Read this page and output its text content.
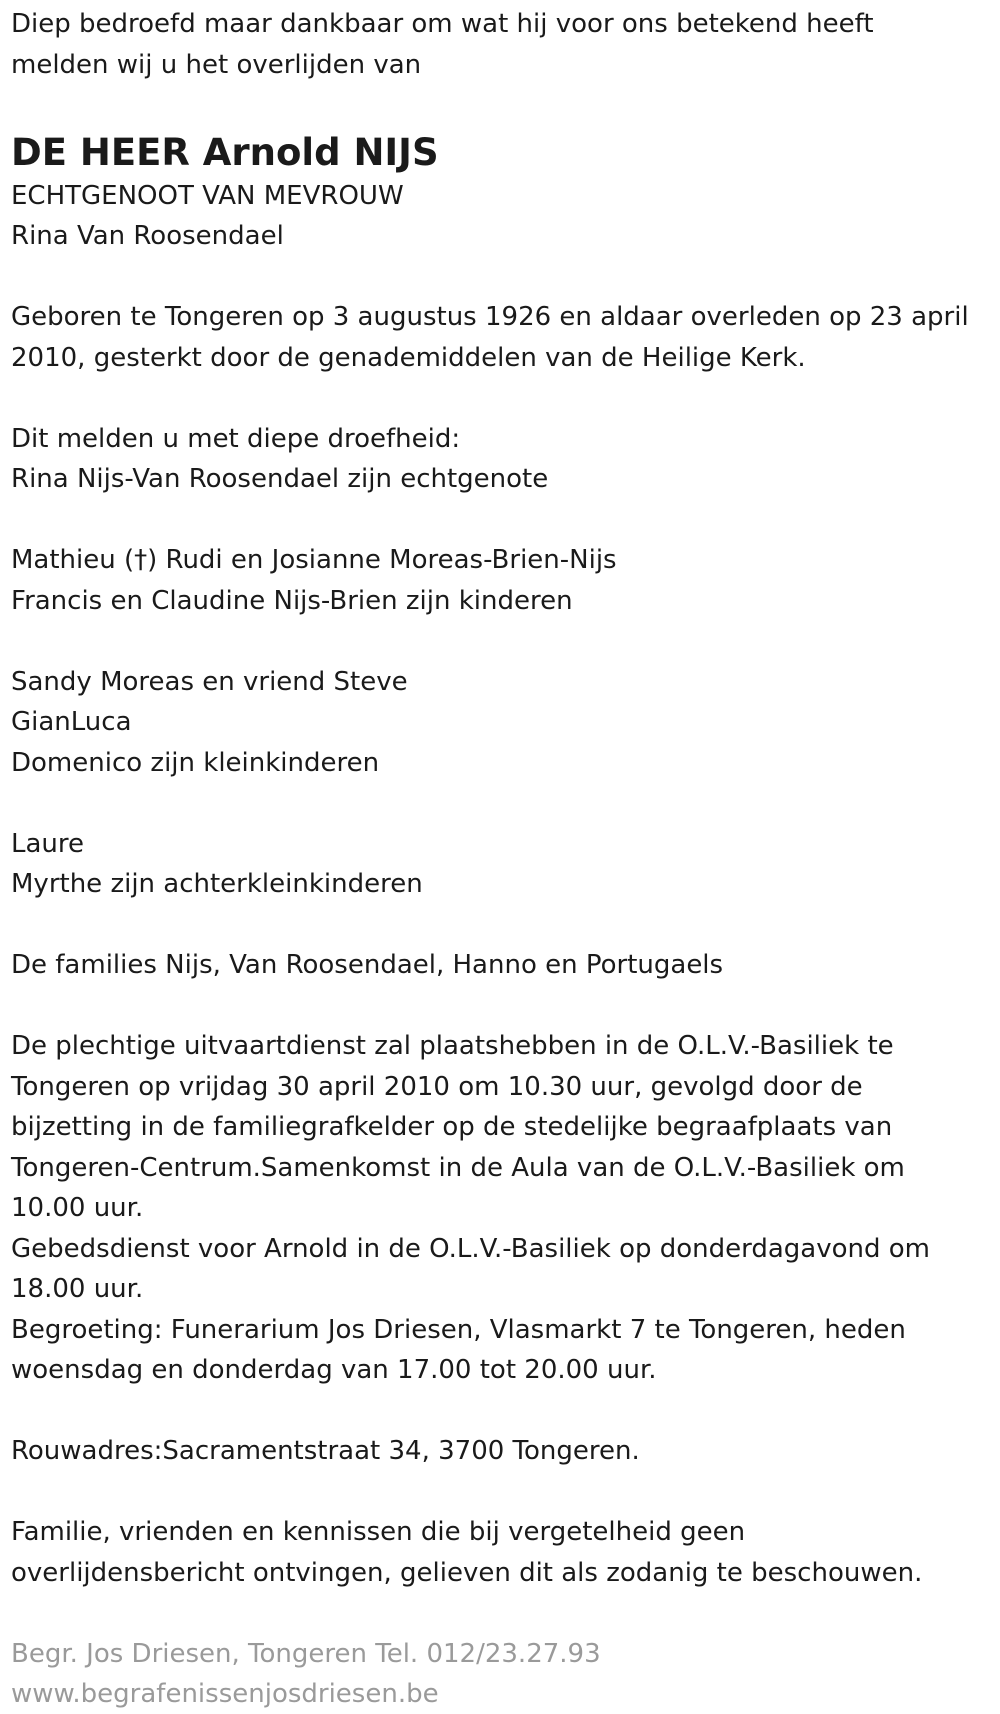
Diep bedroefd maar dankbaar om wat hij voor ons betekend heeft
melden wij u het overlijden van
DE HEER Arnold NIJS
ECHTGENOOT VAN MEVROUW
Rina Van Roosendael
Geboren te Tongeren op 3 augustus 1926 en aldaar overleden op 23 april
2010, gesterkt door de genademiddelen van de Heilige Kerk.
Dit melden u met diepe droefheid:
Rina Nijs-Van Roosendael zijn echtgenote
Mathieu (†) Rudi en Josianne Moreas-Brien-Nijs
Francis en Claudine Nijs-Brien zijn kinderen
Sandy Moreas en vriend Steve
GianLuca
Domenico zijn kleinkinderen
Laure
Myrthe zijn achterkleinkinderen
De families Nijs, Van Roosendael, Hanno en Portugaels
De plechtige uitvaartdienst zal plaatshebben in de O.L.V.-Basiliek te
Tongeren op vrijdag 30 april 2010 om 10.30 uur, gevolgd door de
bijzetting in de familiegrafkelder op de stedelijke begraafplaats van
Tongeren-Centrum.Samenkomst in de Aula van de O.L.V.-Basiliek om
10.00 uur.
Gebedsdienst voor Arnold in de O.L.V.-Basiliek op donderdagavond om
18.00 uur.
Begroeting: Funerarium Jos Driesen, Vlasmarkt 7 te Tongeren, heden
woensdag en donderdag van 17.00 tot 20.00 uur.
Rouwadres:Sacramentstraat 34, 3700 Tongeren.
Familie, vrienden en kennissen die bij vergetelheid geen
overlijdensbericht ontvingen, gelieven dit als zodanig te beschouwen.
Begr. Jos Driesen, Tongeren Tel. 012/23.27.93
www.begrafenissenjosdriesen.be
